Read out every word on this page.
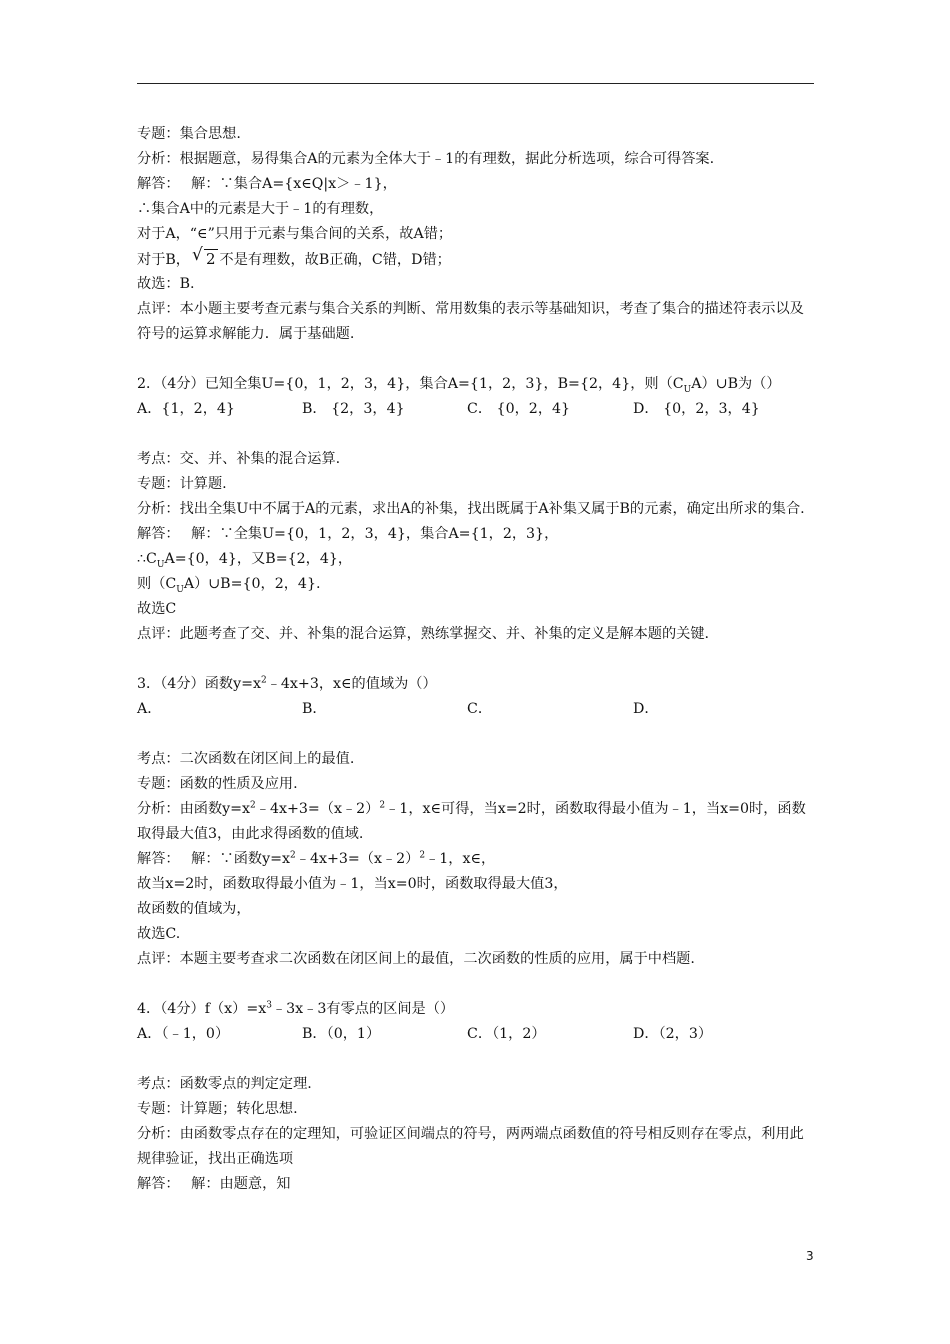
专题：集合思想.
分析：根据题意，易得集合A的元素为全体大于﹣1的有理数，据此分析选项，综合可得答案.
解答：　 解：∵集合A={x∈Q|x＞﹣1}，
∴集合A中的元素是大于﹣1的有理数，
对于A，“∈”只用于元素与集合间的关系，故A错；
对于B， √ 2 不是有理数，故B正确，C错，D错；
故选：B.
点评：本小题主要考查元素与集合关系的判断、常用数集的表示等基础知识，考查了集合的描述符表示以及符号的运算求解能力．属于基础题.
2．（4分）已知全集U={0，1，2，3，4}，集合A={1，2，3}，B={2，4}，则$(C_UA)\cup B$为（）
A．{1，2，4}	B． {2，3，4}	C． {0，2，4}	D． {0，2，3，4}
考点：交、并、补集的混合运算.
专题：计算题.
分析：找出全集U中不属于A的元素，求出A的补集，找出既属于A补集又属于B的元素，确定出所求的集合.
解答：　 解：∵全集U={0，1，2，3，4}，集合A={1，2，3}，
$\therefore C_UA=\{0$，4}，又B={2，4}，
则$(C_UA)\cup B=\{0$，2，4}.
故选C
点评：此题考查了交、并、补集的混合运算，熟练掌握交、并、补集的定义是解本题的关键.
3．（4分）函数$y=x^2﹣4x+3$，x∈的值域为（）
A．	B．	C．	D．
考点：二次函数在闭区间上的最值.
专题：函数的性质及应用.
分析：由函数$y=x^2﹣4x+3=(x﹣2)^2﹣1$，x∈可得，当x=2时，函数取得最小值为﹣1，当x=0时，函数取得最大值3，由此求得函数的值域.
解答：　 解：∵函数$y=x^2﹣4x+3=(x﹣2)^2﹣1$，x∈，
故当x=2时，函数取得最小值为﹣1，当x=0时，函数取得最大值3，
故函数的值域为，
故选C.
点评：本题主要考查求二次函数在闭区间上的最值，二次函数的性质的应用，属于中档题.
4．（4分）$f(x)=x^3﹣3x﹣3$有零点的区间是（）
A．（﹣1，0）	B．（0，1）	C．（1，2）	D．（2，3）
考点：函数零点的判定定理.
专题：计算题；转化思想.
分析：由函数零点存在的定理知，可验证区间端点的符号，两两端点函数值的符号相反则存在零点，利用此规律验证，找出正确选项
解答：　 解：由题意，知
3
